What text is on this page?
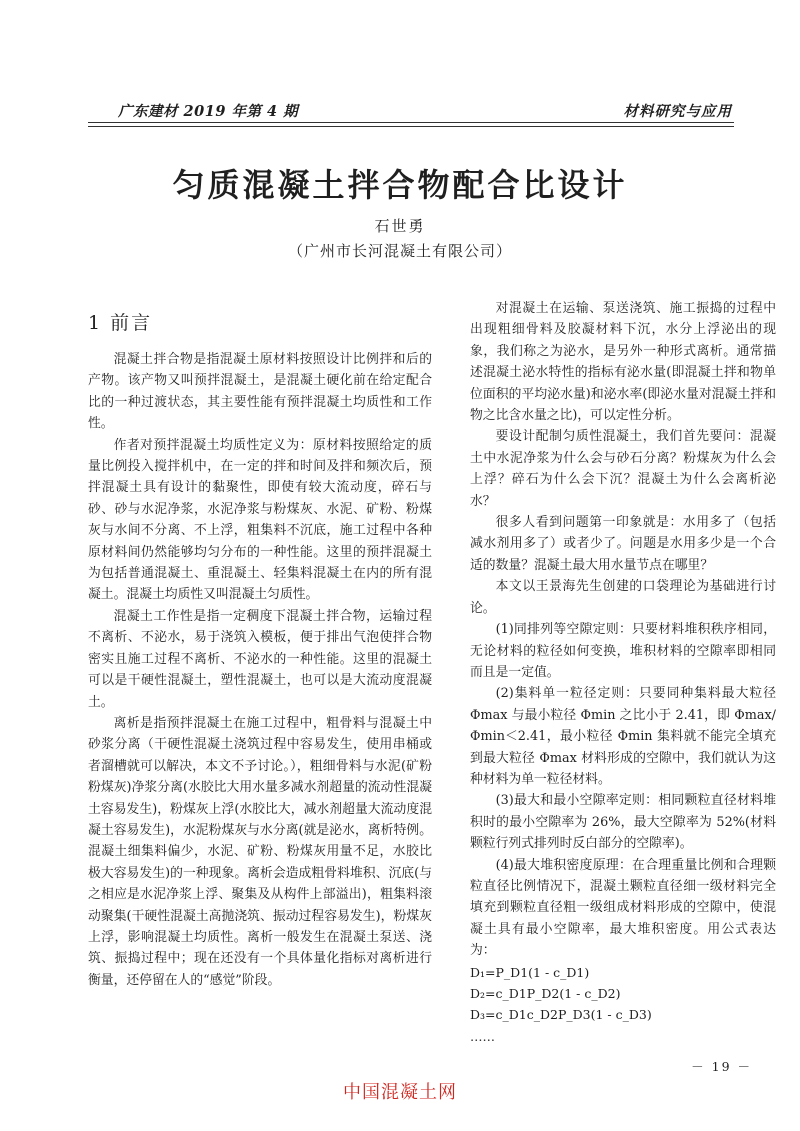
广东建材 2019 年第 4 期	材料研究与应用
匀质混凝土拌合物配合比设计
石世勇
（广州市长河混凝土有限公司）
1 前言

混凝土拌合物是指混凝土原材料按照设计比例拌和后的产物。该产物又叫预拌混凝土，是混凝土硬化前在给定配合比的一种过渡状态，其主要性能有预拌混凝土均质性和工作性。

作者对预拌混凝土均质性定义为：原材料按照给定的质量比例投入搅拌机中，在一定的拌和时间及拌和频次后，预拌混凝土具有设计的黏聚性，即使有较大流动度，碎石与砂、砂与水泥净浆，水泥净浆与粉煤灰、水泥、矿粉、粉煤灰与水间不分离、不上浮，粗集料不沉底，施工过程中各种原材料间仍然能够均匀分布的一种性能。这里的预拌混凝土为包括普通混凝土、重混凝土、轻集料混凝土在内的所有混凝土。混凝土均质性又叫混凝土匀质性。

混凝土工作性是指一定稠度下混凝土拌合物，运输过程不离析、不泌水，易于浇筑入模板，便于排出气泡使拌合物密实且施工过程不离析、不泌水的一种性能。这里的混凝土可以是干硬性混凝土，塑性混凝土，也可以是大流动度混凝土。

离析是指预拌混凝土在施工过程中，粗骨料与混凝土中砂浆分离（干硬性混凝土浇筑过程中容易发生，使用串桶或者溜槽就可以解决，本文不予讨论。），粗细骨料与水泥(矿粉粉煤灰)净浆分离(水胶比大用水量多减水剂超量的流动性混凝土容易发生)，粉煤灰上浮(水胶比大，减水剂超量大流动度混凝土容易发生)，水泥粉煤灰与水分离(就是泌水，离析特例。混凝土细集料偏少，水泥、矿粉、粉煤灰用量不足，水胶比极大容易发生)的一种现象。离析会造成粗骨料堆积、沉底(与之相应是水泥净浆上浮、聚集及从构件上部溢出)，粗集料滚动聚集(干硬性混凝土高抛浇筑、振动过程容易发生)，粉煤灰上浮，影响混凝土均质性。离析一般发生在混凝土泵送、浇筑、振捣过程中；现在还没有一个具体量化指标对离析进行衡量，还停留在人的“感觉”阶段。

对混凝土在运输、泵送浇筑、施工振捣的过程中出现粗细骨料及胶凝材料下沉，水分上浮泌出的现象，我们称之为泌水，是另外一种形式离析。通常描述混凝土泌水特性的指标有泌水量(即混凝土拌和物单位面积的平均泌水量)和泌水率(即泌水量对混凝土拌和物之比含水量之比)，可以定性分析。

要设计配制匀质性混凝土，我们首先要问：混凝土中水泥净浆为什么会与砂石分离？粉煤灰为什么会上浮？碎石为什么会下沉？混凝土为什么会离析泌水？

很多人看到问题第一印象就是：水用多了（包括减水剂用多了）或者少了。问题是水用多少是一个合适的数量？混凝土最大用水量节点在哪里？

本文以王景海先生创建的口袋理论为基础进行讨论。

(1)同排列等空隙定则：只要材料堆积秩序相同，无论材料的粒径如何变换，堆积材料的空隙率即相同而且是一定值。

(2)集料单一粒径定则：只要同种集料最大粒径 Φmax 与最小粒径 Φmin 之比小于 2.41，即 Φmax/Φmin＜2.41，最小粒径 Φmin 集料就不能完全填充到最大粒径 Φmax 材料形成的空隙中，我们就认为这种材料为单一粒径材料。

(3)最大和最小空隙率定则：相同颗粒直径材料堆积时的最小空隙率为 26%，最大空隙率为 52%(材料颗粒行列式排列时反白部分的空隙率)。

(4)最大堆积密度原理：在合理重量比例和合理颗粒直径比例情况下，混凝土颗粒直径细一级材料完全填充到颗粒直径粗一级组成材料形成的空隙中，使混凝土具有最小空隙率，最大堆积密度。用公式表达为：

D₁=P_D1(1 - c_D1)

D₂=c_D1P_D2(1 - c_D2)

D₃=c_D1c_D2P_D3(1 - c_D3)

……

－ 19 －
中国混凝土网
